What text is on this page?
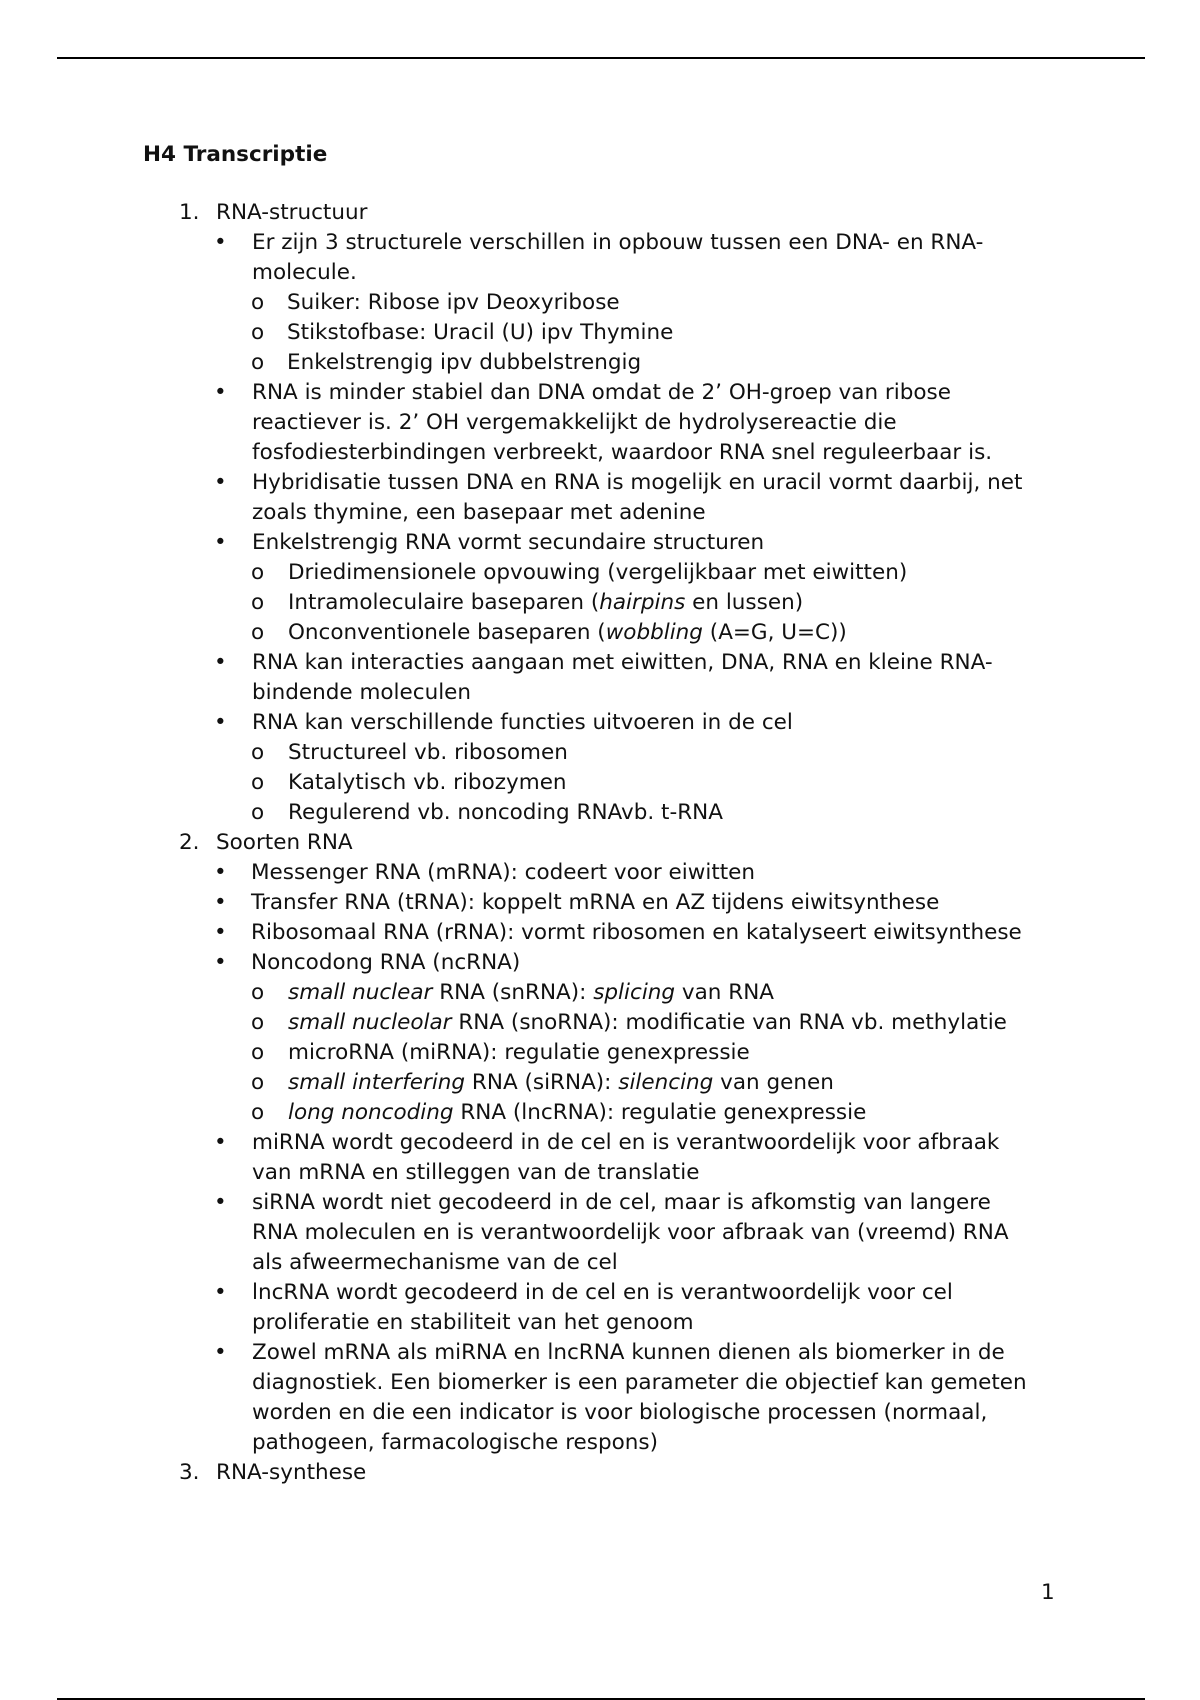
H4 Transcriptie
1. RNA-structuur
• Er zijn 3 structurele verschillen in opbouw tussen een DNA- en RNA-
molecule.
o Suiker: Ribose ipv Deoxyribose
o Stikstofbase: Uracil (U) ipv Thymine
o Enkelstrengig ipv dubbelstrengig
• RNA is minder stabiel dan DNA omdat de 2’ OH-groep van ribose
reactiever is. 2’ OH vergemakkelijkt de hydrolysereactie die
fosfodiesterbindingen verbreekt, waardoor RNA snel reguleerbaar is.
• Hybridisatie tussen DNA en RNA is mogelijk en uracil vormt daarbij, net
zoals thymine, een basepaar met adenine
• Enkelstrengig RNA vormt secundaire structuren
o Driedimensionele opvouwing (vergelijkbaar met eiwitten)
o Intramoleculaire baseparen (hairpins en lussen)
o Onconventionele baseparen (wobbling (A=G, U=C))
• RNA kan interacties aangaan met eiwitten, DNA, RNA en kleine RNA-
bindende moleculen
• RNA kan verschillende functies uitvoeren in de cel
o Structureel vb. ribosomen
o Katalytisch vb. ribozymen
o Regulerend vb. noncoding RNAvb. t-RNA
2. Soorten RNA
• Messenger RNA (mRNA): codeert voor eiwitten
• Transfer RNA (tRNA): koppelt mRNA en AZ tijdens eiwitsynthese
• Ribosomaal RNA (rRNA): vormt ribosomen en katalyseert eiwitsynthese
• Noncodong RNA (ncRNA)
o small nuclear RNA (snRNA): splicing van RNA
o small nucleolar RNA (snoRNA): modificatie van RNA vb. methylatie
o microRNA (miRNA): regulatie genexpressie
o small interfering RNA (siRNA): silencing van genen
o long noncoding RNA (lncRNA): regulatie genexpressie
• miRNA wordt gecodeerd in de cel en is verantwoordelijk voor afbraak
van mRNA en stilleggen van de translatie
• siRNA wordt niet gecodeerd in de cel, maar is afkomstig van langere
RNA moleculen en is verantwoordelijk voor afbraak van (vreemd) RNA
als afweermechanisme van de cel
• lncRNA wordt gecodeerd in de cel en is verantwoordelijk voor cel
proliferatie en stabiliteit van het genoom
• Zowel mRNA als miRNA en lncRNA kunnen dienen als biomerker in de
diagnostiek. Een biomerker is een parameter die objectief kan gemeten
worden en die een indicator is voor biologische processen (normaal,
pathogeen, farmacologische respons)
3. RNA-synthese
1
